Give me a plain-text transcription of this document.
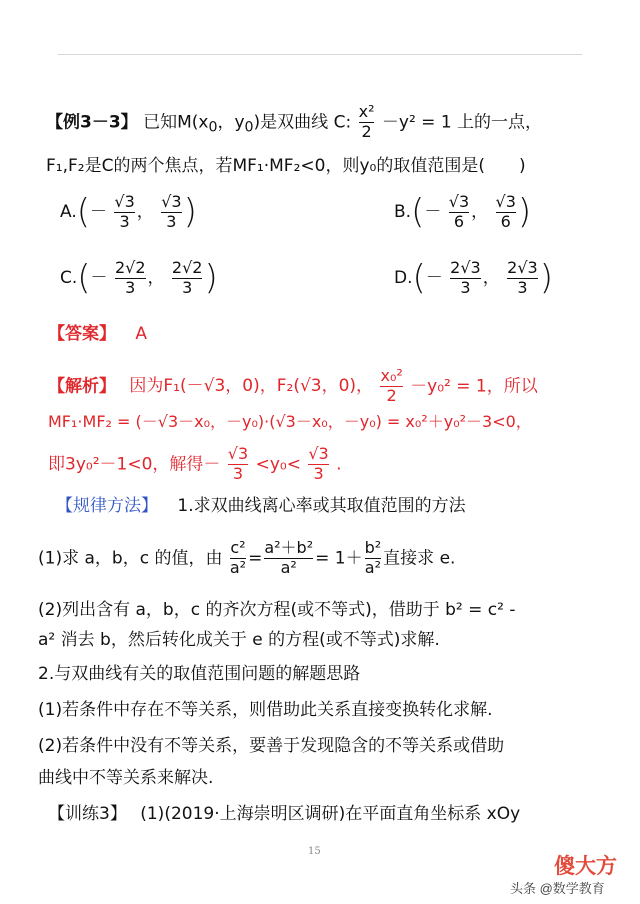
【例3－3】 已知$M(x_0$，$y_0$)是双曲线 C: $\frac{\text{x²}}{2} -y^2 = 1$ 上的一点，
F₁,F₂是C的两个焦点，若MF₁·MF₂<0，则y₀的取值范围是(　　)
$A.(- \frac{√3}{3}$ ， $\frac{√3}{3}$ )	$B.(- \frac{√3}{6}$ ， $\frac{√3}{6}$ )
$C.(- \frac{2√2}{3}$ ， $\frac{2√2}{3}$ )	$D.(- \frac{2√3}{3}$ ， $\frac{2√3}{3}$ )
【答案】 A
【解析】 因为F₁(－√3，0)，F₂(√3，0)， $\frac{\text{x₀²}}{2} -y_0^2 = 1$，所以
MF₁·MF₂ = (－√3－x₀，－y₀)·(√3－x₀，－y₀) = x₀²＋y₀²－3<0，
即3y₀²－1<0，解得－ $\frac{√3}{3} <y_0< \frac{√3}{3}$ .
【规律方法】 1.求双曲线离心率或其取值范围的方法
(1)求 a，b，c 的值，由 $\frac{\text{c²}}{\text{a²}} = \frac{\text{a²＋b²}}{\text{a²}} = 1+ \frac{\text{b²}}{\text{a²}}$ 直接求 e.
(2)列出含有 a，b，c 的齐次方程(或不等式)，借助于 b² = c² -
a² 消去 b，然后转化成关于 e 的方程(或不等式)求解.
2.与双曲线有关的取值范围问题的解题思路
(1)若条件中存在不等关系，则借助此关系直接变换转化求解.
(2)若条件中没有不等关系，要善于发现隐含的不等关系或借助
曲线中不等关系来解决.
【训练3】 (1)(2019·上海崇明区调研)在平面直角坐标系 xOy
15
傻大方
头条 @数学教育
